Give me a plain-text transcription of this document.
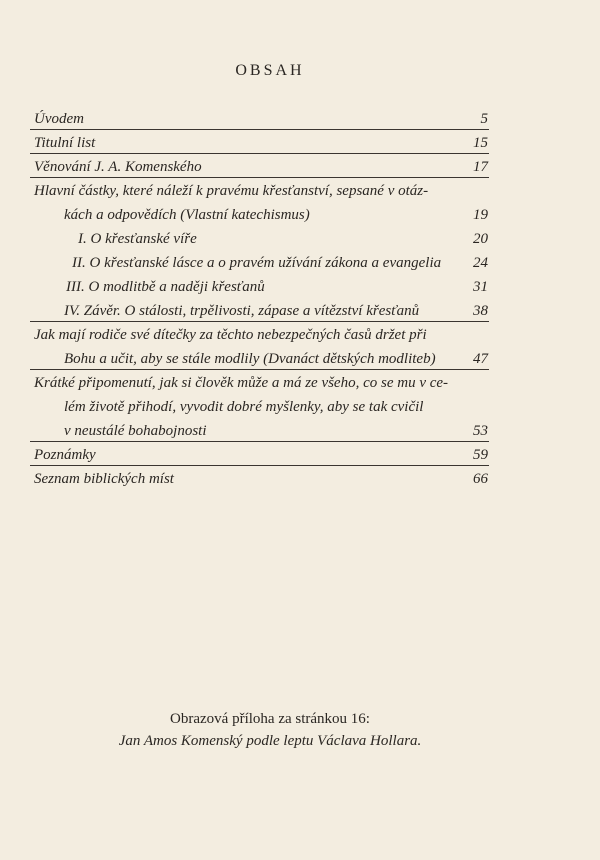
OBSAH
Úvodem	5
Titulní list	15
Věnování J. A. Komenského	17
Hlavní částky, které náleží k pravému křesťanství, sepsané v otáz-
kách a odpovědích (Vlastní katechismus)	19
I. O křesťanské víře	20
II. O křesťanské lásce a o pravém užívání zákona a evangelia 24
III. O modlitbě a naději křesťanů	31
IV. Závěr. O stálosti, trpělivosti, zápase a vítězství křesťanů	38
Jak mají rodiče své dítečky za těchto nebezpečných časů držet při
Bohu a učit, aby se stále modlily (Dvanáct dětských modliteb) 47
Krátké připomenutí, jak si člověk může a má ze všeho, co se mu v ce-
lém životě přihodí, vyvodit dobré myšlenky, aby se tak cvičil
v neustálé bohabojnosti	53
Poznámky	59
Seznam biblických míst	66
Obrazová příloha za stránkou 16:
Jan Amos Komenský podle leptu Václava Hollara.
